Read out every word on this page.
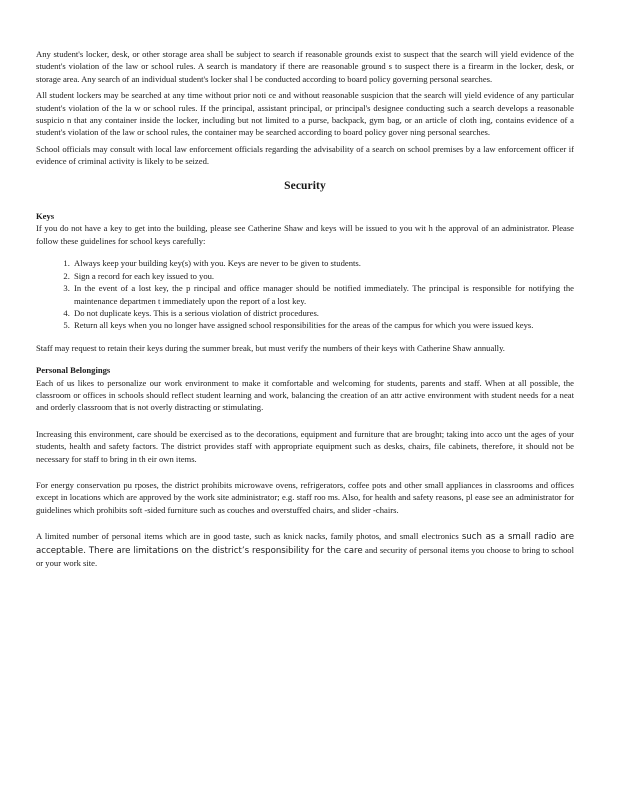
Any student's locker, desk, or other storage area shall be subject to search if reasonable grounds exist to suspect that the search will yield evidence of the student's violation of the law or school rules. A search is mandatory if there are reasonable ground s to suspect there is a firearm in the locker, desk, or storage area. Any search of an individual student's locker shal l be conducted according to board policy governing personal searches.

All student lockers may be searched at any time without prior noti ce and without reasonable suspicion that the search will yield evidence of any particular student's violation of the la w or school rules. If the principal, assistant principal, or principal's designee conducting such a search develops a reasonable suspicio n that any container inside the locker, including but not limited to a purse, backpack, gym bag, or an article of cloth ing, contains evidence of a student's violation of the law or school rules, the container may be searched according to board policy gover ning personal searches.

School officials may consult with local law enforcement officials regarding the advisability of a search on school premises by a law enforcement officer if evidence of criminal activity is likely to be seized.

Security
Keys

If you do not have a key to get into the building, please see Catherine Shaw and keys will be issued to you wit h the approval of an administrator. Please follow these guidelines for school keys carefully:

1. Always keep your building key(s) with you. Keys are never to be given to students.
2. Sign a record for each key issued to you.
3. In the event of a lost key, the p rincipal and office manager should be notified immediately. The principal is responsible for notifying the maintenance departmen t immediately upon the report of a lost key.
4. Do not duplicate keys. This is a serious violation of district procedures.
5. Return all keys when you no longer have assigned school responsibilities for the areas of the campus for which you were issued keys.

Staff may request to retain their keys during the summer break, but must verify the numbers of their keys with Catherine Shaw annually.

Personal Belongings

Each of us likes to personalize our work environment to make it comfortable and welcoming for students, parents and staff. When at all possible, the classroom or offices in schools should reflect student learning and work, balancing the creation of an attr active environment with student needs for a neat and orderly classroom that is not overly distracting or stimulating.

Increasing this environment, care should be exercised as to the decorations, equipment and furniture that are brought; taking into acco unt the ages of your students, health and safety factors. The district provides staff with appropriate equipment such as desks, chairs, file cabinets, therefore, it should not be necessary for staff to bring in th eir own items.

For energy conservation pu rposes, the district prohibits microwave ovens, refrigerators, coffee pots and other small appliances in classrooms and offices except in locations which are approved by the work site administrator; e.g. staff roo ms. Also, for health and safety reasons, pl ease see an administrator for guidelines which prohibits soft -sided furniture such as couches and overstuffed chairs, and slider -chairs.

A limited number of personal items which are in good taste, such as knick nacks, family photos, and small electronics such as a small radio are acceptable. There are limitations on the district’s responsibility for the care and security of personal items you choose to bring to school or your work site.
